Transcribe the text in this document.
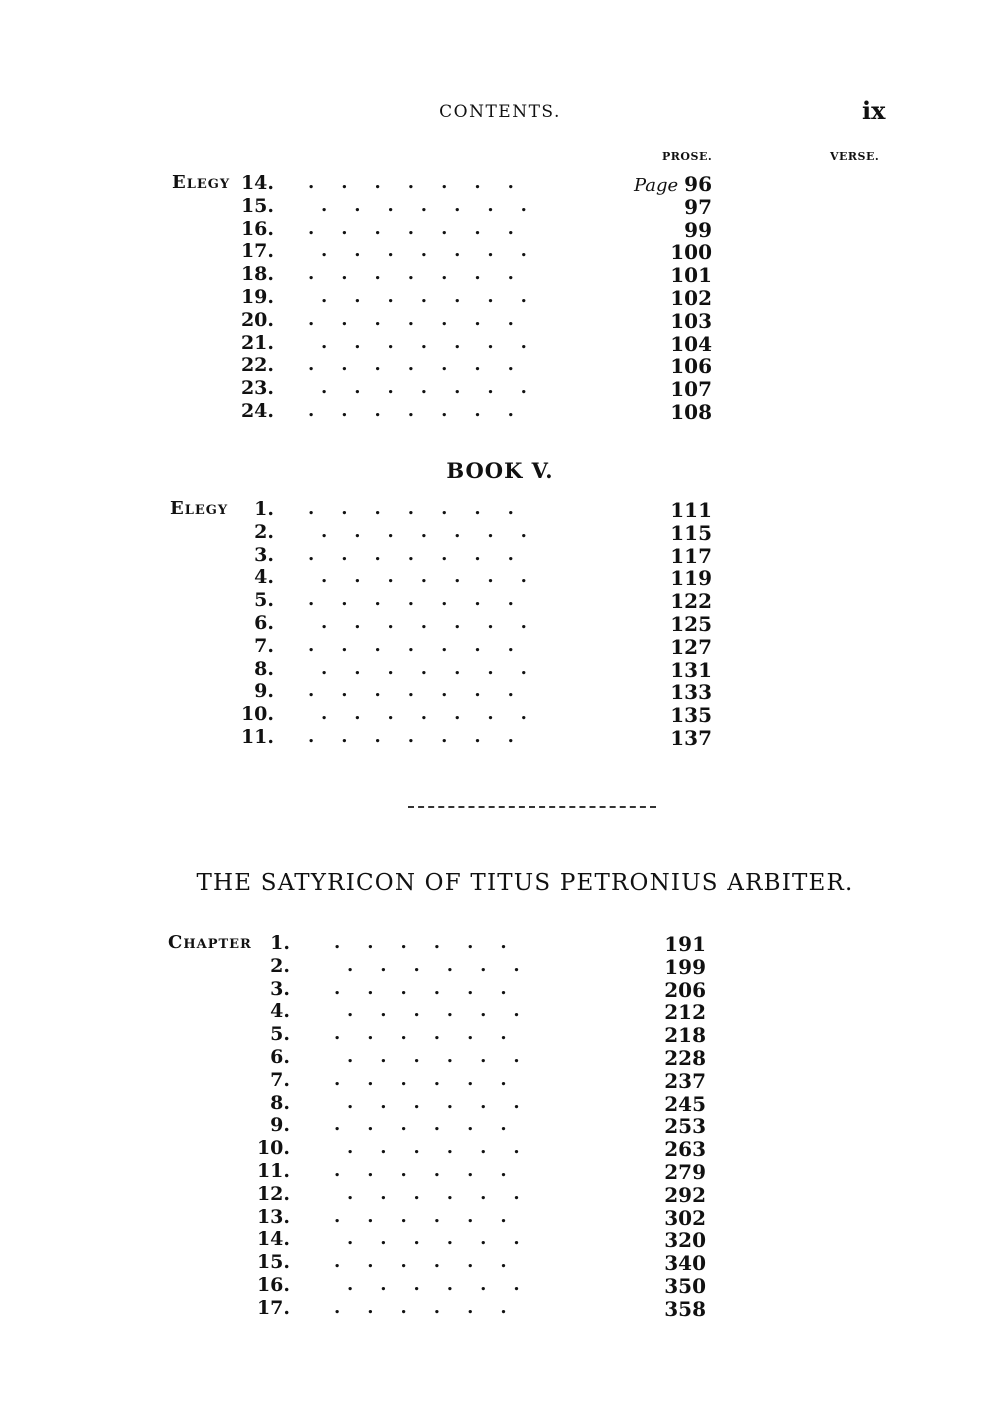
CONTENTS.	ix
PROSE.	VERSE.
Elegy 14. .  .  .  .  .  .  .	Page 96
15.	.  .  .  .  .  .  .	97
16. .  .  .  .  .  .  .	99
17.	.  .  .  .  .  .  .	100
18. .  .  .  .  .  .  .	101
19.	.  .  .  .  .  .  .	102
20. .  .  .  .  .  .  .	103
21.	.  .  .  .  .  .  .	104
22. .  .  .  .  .  .  .	106
23.	.  .  .  .  .  .  .	107
24. .  .  .  .  .  .  .	108
BOOK V.
Elegy	1. .  .  .  .  .  .  .	111
2.	.  .  .  .  .  .  .	115
3. .  .  .  .  .  .  .	117
4.	.  .  .  .  .  .  .	119
5. .  .  .  .  .  .  .	122
6.	.  .  .  .  .  .  .	125
7. .  .  .  .  .  .  .	127
8.	.  .  .  .  .  .  .	131
9. .  .  .  .  .  .  .	133
10.	.  .  .  .  .  .  .	135
11. .  .  .  .  .  .  .	137
THE SATYRICON OF TITUS PETRONIUS ARBITER.
Chapter 1. .  .  .  .  .  .	191
2.	.  .  .  .  .  .	199
3. .  .  .  .  .  .	206
4.	.  .  .  .  .  .	212
5. .  .  .  .  .  .	218
6.	.  .  .  .  .  .	228
7. .  .  .  .  .  .	237
8.	.  .  .  .  .  .	245
9. .  .  .  .  .  .	253
10.	.  .  .  .  .  .	263
11. .  .  .  .  .  .	279
12.	.  .  .  .  .  .	292
13. .  .  .  .  .  .	302
14.	.  .  .  .  .  .	320
15. .  .  .  .  .  .	340
16.	.  .  .  .  .  .	350
17. .  .  .  .  .  .	358
